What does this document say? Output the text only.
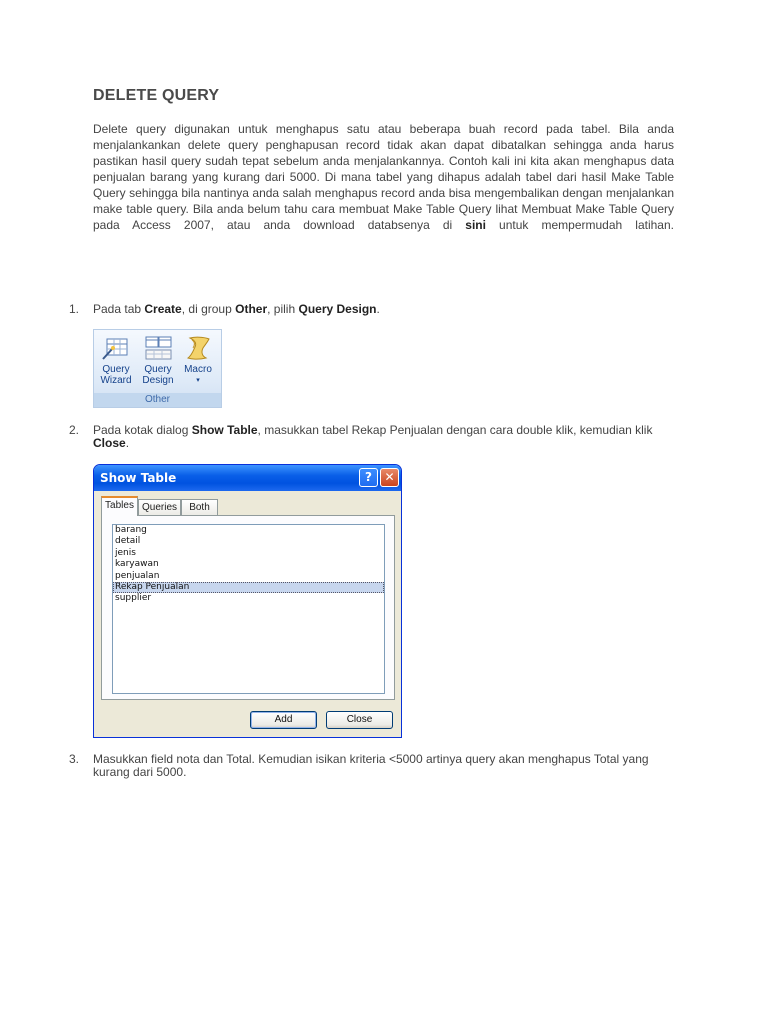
DELETE QUERY

Delete query digunakan untuk menghapus satu atau beberapa buah record pada tabel. Bila anda menjalankankan delete query penghapusan record tidak akan dapat dibatalkan sehingga anda harus pastikan hasil query sudah tepat sebelum anda menjalankannya. Contoh kali ini kita akan menghapus data penjualan barang yang kurang dari 5000. Di mana tabel yang dihapus adalah tabel dari hasil Make Table Query sehingga bila nantinya anda salah menghapus record anda bisa mengembalikan dengan menjalankan make table query. Bila anda belum tahu cara membuat Make Table Query lihat Membuat Make Table Query pada Access 2007, atau anda download databsenya di sini untuk mempermudah latihan.

1. Pada tab Create, di group Other, pilih Query Design.
Query
Wizard
Query
Design
Macro
▾
Other
2. Pada kotak dialog Show Table, masukkan tabel Rekap Penjualan dengan cara double klik, kemudian klik Close.
Show Table	?	✕
Tables Queries	Both
barang
detail
jenis
karyawan
penjualan
Rekap Penjualan
supplier
Add	Close
3. Masukkan field nota dan Total. Kemudian isikan kriteria <5000 artinya query akan menghapus Total yang kurang dari 5000.
